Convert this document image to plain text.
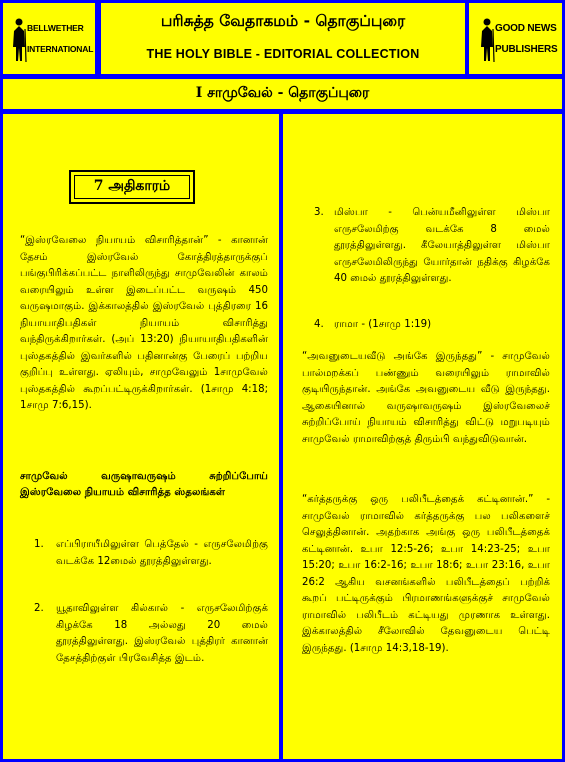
BELLWETHER
INTERNATIONAL
பரிசுத்த வேதாகமம் - தொகுப்புரை
THE HOLY BIBLE - EDITORIAL COLLECTION
GOOD NEWS
PUBLISHERS
I சாமுவேல் - தொகுப்புரை
7 அதிகாரம்
“இஸ்ரவேலை நியாயம் விசாரித்தான்” - கானான் தேசம் இஸ்ரவேல் கோத்திரத்தாருக்குப் பங்குபிரிக்கப்பட்ட நாளிலிருந்து சாமுவேலின் காலம் வரையிலும் உள்ள இடைப்பட்ட வருஷம் 450 வருஷமாகும். இக்காலத்தில் இஸ்ரவேல் புத்திரரை 16 நியாயாதிபதிகள் நியாயம் விசாரித்து வந்திருக்கிறார்கள். (அப் 13:20) நியாயாதிபதிகளின் புஸ்தகத்தில் இவர்களில் பதினான்கு பேரைப் பற்றிய குறிப்பு உள்ளது. ஏலியும், சாமுவேலும் 1சாமுவேல் புஸ்தகத்தில் கூறப்பட்டிருக்கிறார்கள். (1சாமு 4:18; 1சாமு 7:6,15).
சாமுவேல் வருஷாவருஷம் சுற்றிப்போய் இஸ்ரவேலை நியாயம் விசாரித்த ஸ்தலங்கள்
1. எப்பிராயீமிலுள்ள பெத்தேல் - எருசலேமிற்கு வடக்கே 12மைல் தூரத்திலுள்ளது.
2. யூதாவிலுள்ள கில்கால் - எருசலேமிற்குக் கிழக்கே 18 அல்லது 20 மைல் தூரத்திலுள்ளது. இஸ்ரவேல் புத்திரர் கானான் தேசத்திற்குள் பிரவேசித்த இடம்.
3. மிஸ்பா - பென்யமீனிலுள்ள மிஸ்பா எருசலேமிற்கு வடக்கே 8 மைல் தூரத்திலுள்ளது. கீலேயாத்திலுள்ள மிஸ்பா எருசலேமிலிருந்து யோர்தான் நதிக்கு கிழக்கே 40 மைல் தூரத்திலுள்ளது.
4. ராமா - (1சாமு 1:19)
“அவனுடையவீடு அங்கே இருந்தது” - சாமுவேல் பால்மறக்கப் பண்ணும் வரையிலும் ராமாவில் குடியிருந்தான். அங்கே அவனுடைய வீடு இருந்தது. ஆகையினால் வருஷாவருஷம் இஸ்ரவேலைச் சுற்றிப்போய் நியாயம் விசாரித்து விட்டு மறுபடியும் சாமுவேல் ராமாவிற்குத் திரும்பி வந்துவிடுவான்.
“கர்த்தருக்கு ஒரு பலிபீடத்தைக் கட்டினான்.” - சாமுவேல் ராமாவில் கர்த்தருக்கு பல பலிகளைச் செலுத்தினான். அதற்காக அங்கு ஒரு பலிபீடத்தைக் கட்டினான். உபா 12:5-26; உபா 14:23-25; உபா 15:20; உபா 16:2-16; உபா 18:6; உபா 23:16, உபா 26:2 ஆகிய வசனங்களில் பலிபீடத்தைப் பற்றிக் கூறப் பட்டிருக்கும் பிரமாணங்களுக்குச் சாமுவேல் ராமாவில் பலிபீடம் கட்டியது முரணாக உள்ளது. இக்காலத்தில் சீலோவில் தேவனுடைய பெட்டி இருந்தது. (1சாமு 14:3,18-19).
